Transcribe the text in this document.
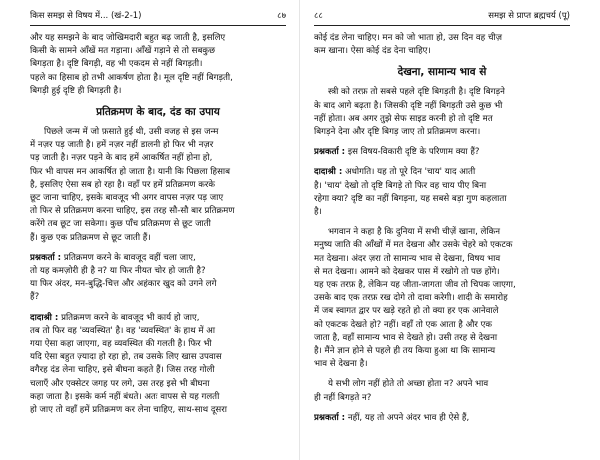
किस समझ से विषय में... (खं-2-1)	८७

और यह समझने के बाद जोखिमदारी बहुत बढ़ जाती है, इसलिए
किसी के सामने आँखें मत गड़ाना। आँखें गड़ाने से तो सबकुछ
बिगड़ता है। दृष्टि बिगड़ी, वह भी एकदम से नहीं बिगड़ती।
पहले का हिसाब हो तभी आकर्षण होता है। मूल दृष्टि नहीं बिगड़ती,
बिगड़ी हुई दृष्टि ही बिगड़ती है।

प्रतिक्रमण के बाद, दंड का उपाय

पिछले जन्म में जो फ़साते हुई थी, उसी वजह से इस जन्म
में नज़र पड़ जाती है। हमें नज़र नहीं डालनी हो फिर भी नज़र
पड़ जाती है। नज़र पड़ने के बाद हमें आकर्षित नहीं होना हो,
फिर भी वापस मन आकर्षित हो जाता है। यानी कि पिछला हिसाब
है, इसलिए ऐसा सब हो रहा है। वहाँ पर हमें प्रतिक्रमण करके
छूट जाना चाहिए, इसके बावजूद भी अगर वापस नज़र पड़ जाए
तो फिर से प्रतिक्रमण करना चाहिए, इस तरह सौ-सौ बार प्रतिक्रमण
करेंगे तब छूट जा सकेगा। कुछ पाँच प्रतिक्रमण से छूट जाती
हैं। कुछ एक प्रतिक्रमण से छूट जाती हैं।

प्रश्नकर्ता : प्रतिक्रमण करने के बावजूद वहीं चला जाए,
तो यह कमज़ोरी ही है न? या फिर नीयत चोर हो जाती है?
या फिर अंदर, मन-बुद्धि-चित्त और अहंकार खुद को उगने लगे
हैं?

दादाश्री : प्रतिक्रमण करने के बावजूद भी कार्य हो जाए,
तब तो फिर वह 'व्यवस्थित' है। वह 'व्यवस्थित' के हाथ में आ
गया ऐसा कहा जाएगा, वह व्यवस्थित की गलती है। फिर भी
यदि ऐसा बहुत ज़्यादा हो रहा हो, तब उसके लिए खास उपवास
वगैरह दंड लेना चाहिए, इसे बीघना कहते हैं। जिस तरह गोली
चलाएँ और एक्सेटर जगह पर लगे, उस तरह इसे भी बीघना
कहा जाता है। इसके कर्म नहीं बंधते। अतः वापस से यह गलती
हो जाए तो वहाँ हमें प्रतिक्रमण कर लेना चाहिए, साथ-साथ दूसरा

८८	समझ से प्राप्त ब्रह्मचर्य (पू)

कोई दंड लेना चाहिए। मन को जो भाता हो, उस दिन वह चीज़
कम खाना। ऐसा कोई दंड देना चाहिए।

देखना, सामान्य भाव से

स्त्री को तरफ़ तो सबसे पहले दृष्टि बिगड़ती है। दृष्टि बिगड़ने
के बाद आगे बढ़ता है। जिसकी दृष्टि नहीं बिगड़ती उसे कुछ भी
नहीं होता। अब अगर तुझे सेफ साइड करनी हो तो दृष्टि मत
बिगड़ने देना और दृष्टि बिगड़ जाए तो प्रतिक्रमण करना।

प्रश्नकर्ता : इस विषय-विकारी दृष्टि के परिणाम क्या हैं?

दादाश्री : अधोगति। यह तो पूरे दिन 'चाय' याद आती
है। 'चाय' देखो तो दृष्टि बिगड़े तो फिर वह चाय पीए बिना
रहेगा क्या? दृष्टि का नहीं बिगड़ना, यह सबसे बड़ा गुण कहलाता
है।

भगवान ने कहा है कि दुनिया में सभी चीज़ें खाना, लेकिन
मनुष्य जाति की आँखों में मत देखना और उसके चेहरे को एकटक
मत देखना। अंदर ज़रा तो सामान्य भाव से देखना, विषय भाव
से मत देखना। आमने को देखकर पास में रखोगे तो पछ होंगे।
यह एक तरफ़ है, लेकिन यह जीता-जागता जीव तो चिपक जाएगा,
उसके बाद एक तरफ़ रख दोगे तो दावा करेगी। शादी के समारोह
में जब स्वागत द्वार पर खड़े रहते हो तो क्या हर एक आनेवाले
को एकटक देखते हो? नहीं। वहाँ तो एक आता है और एक
जाता है, वहाँ सामान्य भाव से देखते हो। उसी तरह से देखना
है। मैंने ज्ञान होने से पहले ही तय किया हुआ था कि सामान्य
भाव से देखना है।

ये सभी लोग नहीं होते तो अच्छा होता न? अपने भाव
ही नहीं बिगड़ते न?

प्रश्नकर्ता : नहीं, यह तो अपने अंदर भाव ही ऐसे हैं,
